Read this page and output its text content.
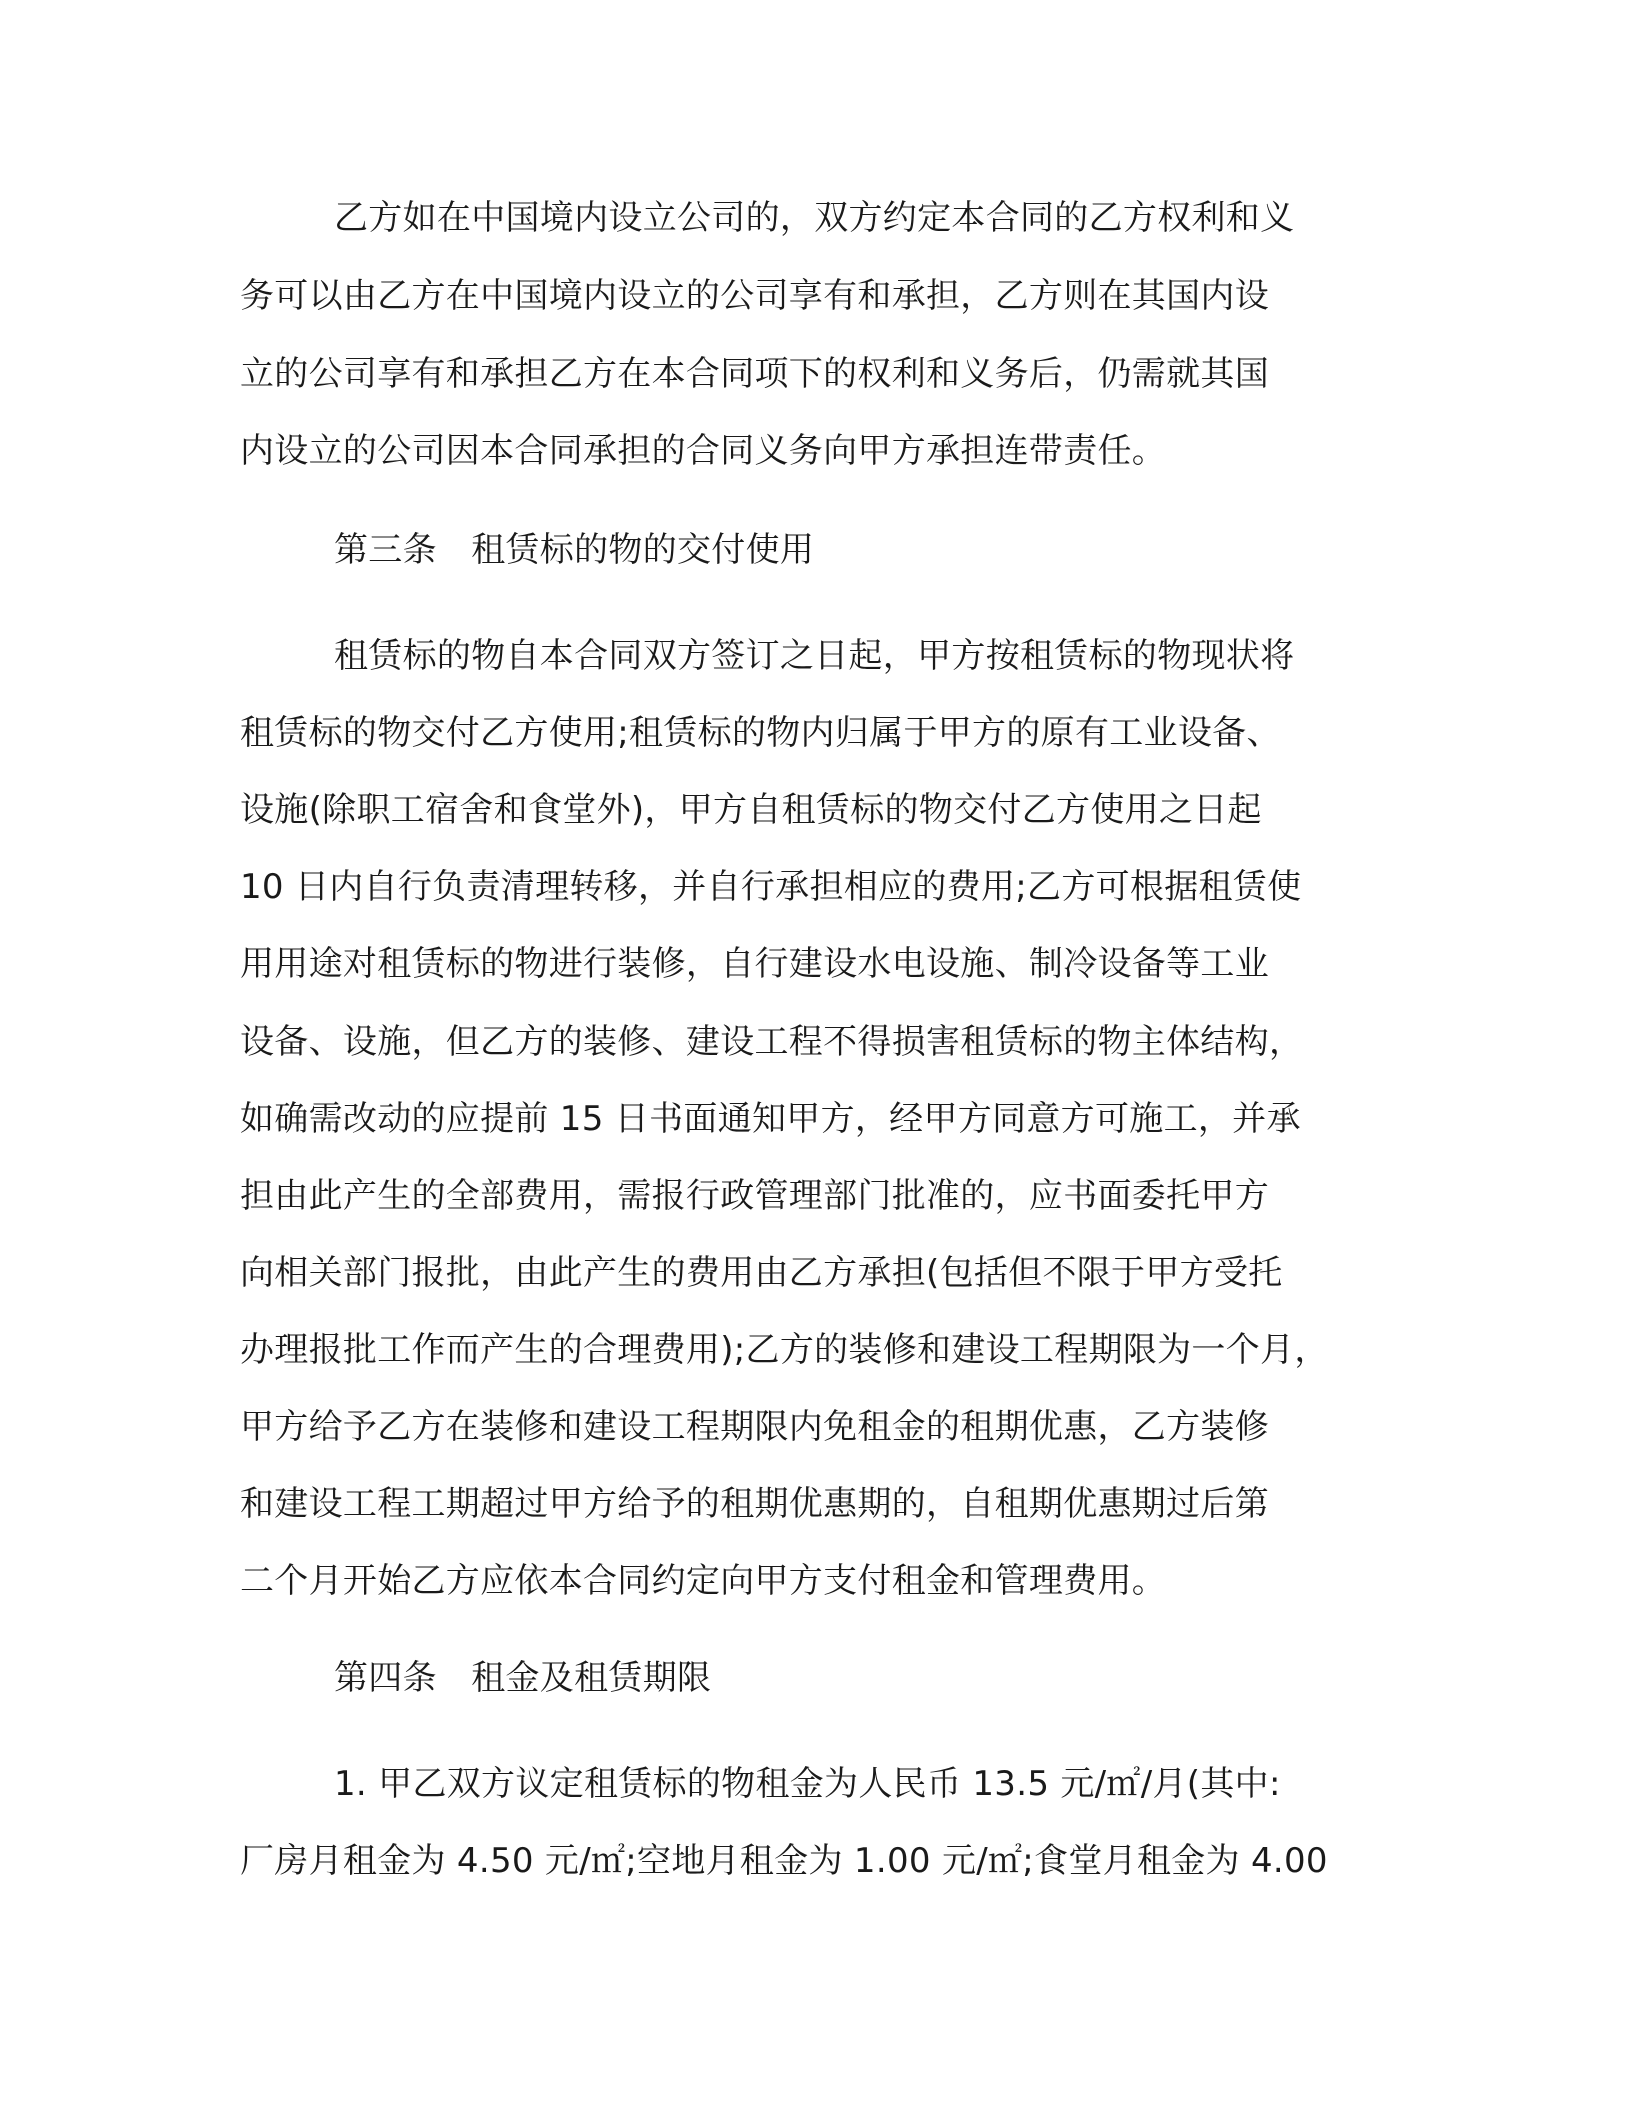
乙方如在中国境内设立公司的，双方约定本合同的乙方权利和义
务可以由乙方在中国境内设立的公司享有和承担，乙方则在其国内设
立的公司享有和承担乙方在本合同项下的权利和义务后，仍需就其国
内设立的公司因本合同承担的合同义务向甲方承担连带责任。
第三条　租赁标的物的交付使用
租赁标的物自本合同双方签订之日起，甲方按租赁标的物现状将
租赁标的物交付乙方使用;租赁标的物内归属于甲方的原有工业设备、
设施(除职工宿舍和食堂外)，甲方自租赁标的物交付乙方使用之日起
10 日内自行负责清理转移，并自行承担相应的费用;乙方可根据租赁使
用用途对租赁标的物进行装修，自行建设水电设施、制冷设备等工业
设备、设施，但乙方的装修、建设工程不得损害租赁标的物主体结构，
如确需改动的应提前 15 日书面通知甲方，经甲方同意方可施工，并承
担由此产生的全部费用，需报行政管理部门批准的，应书面委托甲方
向相关部门报批，由此产生的费用由乙方承担(包括但不限于甲方受托
办理报批工作而产生的合理费用);乙方的装修和建设工程期限为一个月，
甲方给予乙方在装修和建设工程期限内免租金的租期优惠，乙方装修
和建设工程工期超过甲方给予的租期优惠期的，自租期优惠期过后第
二个月开始乙方应依本合同约定向甲方支付租金和管理费用。
第四条　租金及租赁期限
1. 甲乙双方议定租赁标的物租金为人民币 13.5 元/㎡/月(其中:
厂房月租金为 4.50 元/㎡;空地月租金为 1.00 元/㎡;食堂月租金为 4.00
